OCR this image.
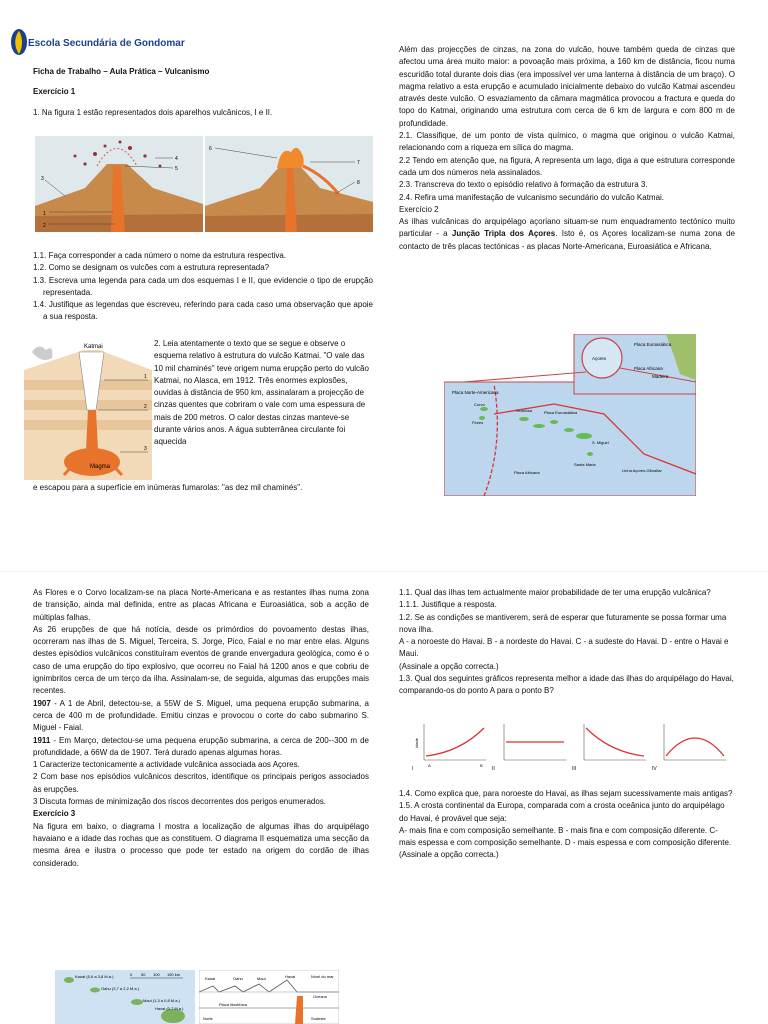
Escola Secundária de Gondomar

Ficha de Trabalho – Aula Prática – Vulcanismo

Exercício 1

1. Na figura 1 estão representados dois aparelhos vulcânicos, I e II.

4
5
3
1
2
6
7
8

1.1. Faça corresponder a cada número o nome da estrutura respectiva.

1.2. Como se designam os vulcões com a estrutura representada?

1.3. Escreva uma legenda para cada um dos esquemas I e II, que evidencie o tipo de erupção representada.

1.4. Justifique as legendas que escreveu, referindo para cada caso uma observação que apoie a sua resposta.

Katmai
Magma
1
2
3
2. Leia atentamente o texto que se segue e observe o esquema relativo à estrutura do vulcão Katmai. "O vale das 10 mil chaminés" teve origem numa erupção perto do vulcão Katmai, no Alasca, em 1912. Três enormes explosões, ouvidas à distância de 950 km, assinalaram a projecção de cinzas quentes que cobriram o vale com uma espessura de mais de 200 metros. O calor destas cinzas manteve-se durante vários anos. A água subterrânea circulante foi aquecida
e escapou para a superfície em inúmeras fumarolas: "as dez mil chaminés".

Além das projecções de cinzas, na zona do vulcão, houve também queda de cinzas que afectou uma área muito maior: a povoação mais próxima, a 160 km de distância, ficou numa escuridão total durante dois dias (era impossível ver uma lanterna à distância de um braço). O magma relativo a esta erupção e acumulado inicialmente debaixo do vulcão Katmai ascendeu através deste vulcão. O esvaziamento da câmara magmática provocou a fractura e queda do topo do Katmai, originando uma estrutura com cerca de 6 km de largura e com 800 m de profundidade.

2.1. Classifique, de um ponto de vista químico, o magma que originou o vulcão Katmai, relacionando com a riqueza em sílica do magma.

2.2 Tendo em atenção que, na figura, A representa um lago, diga a que estrutura corresponde cada um dos números nela assinalados.

2.3. Transcreva do texto o episódio relativo à formação da estrutura 3.

2.4. Refira uma manifestação de vulcanismo secundário do vulcão Katmai.

Exercício 2

As ilhas vulcânicas do arquipélago açoriano situam-se num enquadramento tectónico muito particular - a Junção Tripla dos Açores. Isto é, os Açores localizam-se numa zona de contacto de três placas tectónicas - as placas Norte-Americana, Euroasiática e Africana.

Placa Euroasiática
Placa Africana
Açores
Madeira
Placa Norte-Americana
Corvo
Flores
Placa Euroasiática
Graciosa
S. Miguel
Santa Maria
Placa Africana	Linha Açores-Gibraltar

As Flores e o Corvo localizam-se na placa Norte-Americana e as restantes ilhas numa zona de transição, ainda mal definida, entre as placas Africana e Euroasiática, sob a acção de múltiplas falhas.

As 26 erupções de que há notícia, desde os primórdios do povoamento destas ilhas, ocorreram nas ilhas de S. Miguel, Terceira, S. Jorge, Pico, Faial e no mar entre elas. Alguns destes episódios vulcânicos constituíram eventos de grande envergadura geológica, como é o caso de uma erupção do tipo explosivo, que ocorreu no Faial há 1200 anos e que cobriu de ignimbritos cerca de um terço da ilha. Assinalam-se, de seguida, algumas das erupções mais recentes.

1907 - A 1 de Abril, detectou-se, a 55W de S. Miguel, uma pequena erupção submarina, a cerca de 400 m de profundidade. Emitiu cinzas e provocou o corte do cabo submarino S. Miguel - Faial.

1911 - Em Março, detectou-se uma pequena erupção submarina, a cerca de 200--300 m de profundidade, a 66W da de 1907. Terá durado apenas algumas horas.

1 Caracterize tectonicamente a actividade vulcânica associada aos Açores.

2 Com base nos episódios vulcânicos descritos, identifique os principais perigos associados às erupções.

3 Discuta formas de minimização dos riscos decorrentes dos perigos enumerados.

Exercício 3

Na figura em baixo, o diagrama I mostra a localização de algumas ilhas do arquipélago havaiano e a idade das rochas que as constituem. O diagrama II esquematiza uma secção da mesma área e ilustra o processo que pode ter estado na origem do cordão de ilhas considerado.

Kauai (5,6 a 3,8 M.a.)
Oahu (3,7 a 2,2 M.a.)
Maui (1,3 a 0,8 M.a.)
Havai (0,7 M.a.)
0 50 100 150 km
Kauai	Oahu	Maui	Havai	Nível do mar
Oceano
Placa litosférica
Norte	Sudeste

1.1. Qual das ilhas tem actualmente maior probabilidade de ter uma erupção vulcânica?

1.1.1. Justifique a resposta.

1.2. Se as condições se mantiverem, será de esperar que futuramente se possa formar uma nova ilha.

A - a noroeste do Havai. B - a nordeste do Havai. C - a sudeste do Havai. D - entre o Havai e Maui.

(Assinale a opção correcta.)

1.3. Qual dos seguintes gráficos representa melhor a idade das ilhas do arquipélago do Havai, comparando-os do ponto A para o ponto B?

I
Idade
A	B
II	III	IV

1.4. Como explica que, para noroeste do Havai, as ilhas sejam sucessivamente mais antigas?

1.5. A crosta continental da Europa, comparada com a crosta oceânica junto do arquipélago do Havai, é provável que seja:

A- mais fina e com composição semelhante. B - mais fina e com composição diferente. C- mais espessa e com composição semelhante. D - mais espessa e com composição diferente.

(Assinale a opção correcta.)
